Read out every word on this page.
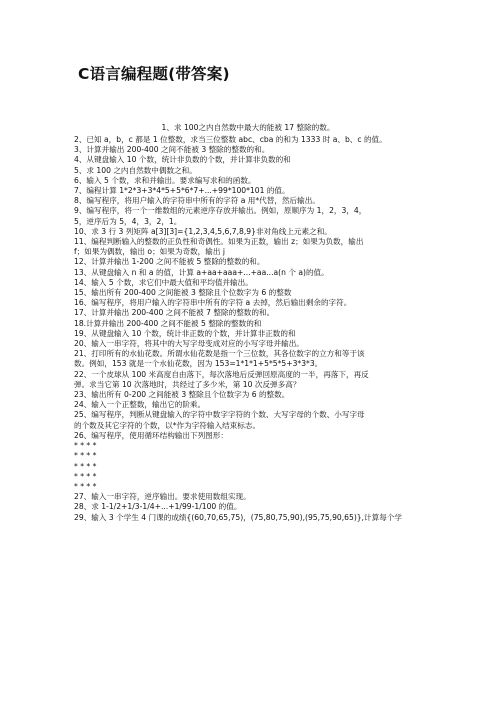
C语言编程题(带答案)
1、求 100之内自然数中最大的能被 17 整除的数。
2、已知 a，b，c 都是 1 位整数，求当三位整数 abc、cba 的和为 1333 时 a、b、c 的值。
3、计算并输出 200-400 之间不能被 3 整除的整数的和。
4、从键盘输入 10 个数，统计非负数的个数，并计算非负数的和
5、求 100 之内自然数中偶数之和。
6、输入 5 个数，求和并输出。要求编写求和的函数。
7、编程计算 1*2*3+3*4*5+5*6*7+...+99*100*101 的值。
8、编写程序，将用户输入的字符串中所有的字符 a 用*代替，然后输出。
9、编写程序，将一个一维数组的元素逆序存放并输出。例如，原顺序为 1，2，3，4，
5，逆序后为 5，4，3，2，1。
10、求 3 行 3 列矩阵 a[3][3]={1,2,3,4,5,6,7,8,9}非对角线上元素之和。
11、编程判断输入的整数的正负性和奇偶性。如果为正数，输出 z；如果为负数，输出
f；如果为偶数，输出 o；如果为奇数，输出 j
12、计算并输出 1-200 之间不能被 5 整除的整数的和。
13、从键盘输入 n 和 a 的值，计算 a+aa+aaa+...+aa...a(n 个 a)的值。
14、输入 5 个数，求它们中最大值和平均值并输出。
15、输出所有 200-400 之间能被 3 整除且个位数字为 6 的整数
16、编写程序，将用户输入的字符串中所有的字符 a 去掉，然后输出剩余的字符。
17、计算并输出 200-400 之间不能被 7 整除的整数的和。
18.计算并输出 200-400 之间不能被 5 整除的整数的和
19、从键盘输入 10 个数，统计非正数的个数，并计算非正数的和
20、输入一串字符，将其中的大写字母变成对应的小写字母并输出。
21、打印所有的水仙花数。所谓水仙花数是指一个三位数，其各位数字的立方和等于该
数。例如，153 就是一个水仙花数，因为 153=1*1*1+5*5*5+3*3*3。
22、一个皮球从 100 米高度自由落下，每次落地后反弹回原高度的一半，再落下，再反
弹。求当它第 10 次落地时，共经过了多少米，第 10 次反弹多高？
23、输出所有 0-200 之间能被 3 整除且个位数字为 6 的整数。
24、输入一个正整数，输出它的阶乘。
25、编写程序，判断从键盘输入的字符中数字字符的个数、大写字母的个数、小写字母
的个数及其它字符的个数，以*作为字符输入结束标志。
26、编写程序，使用循环结构输出下列图形：
* * * *
* * * *
* * * *
* * * *
* * * *
27、输入一串字符，逆序输出。要求使用数组实现。
28、求 1-1/2+1/3-1/4+...+1/99-1/100 的值。
29、输入 3 个学生 4 门课的成绩{(60,70,65,75)，(75,80,75,90),(95,75,90,65)},计算每个学
